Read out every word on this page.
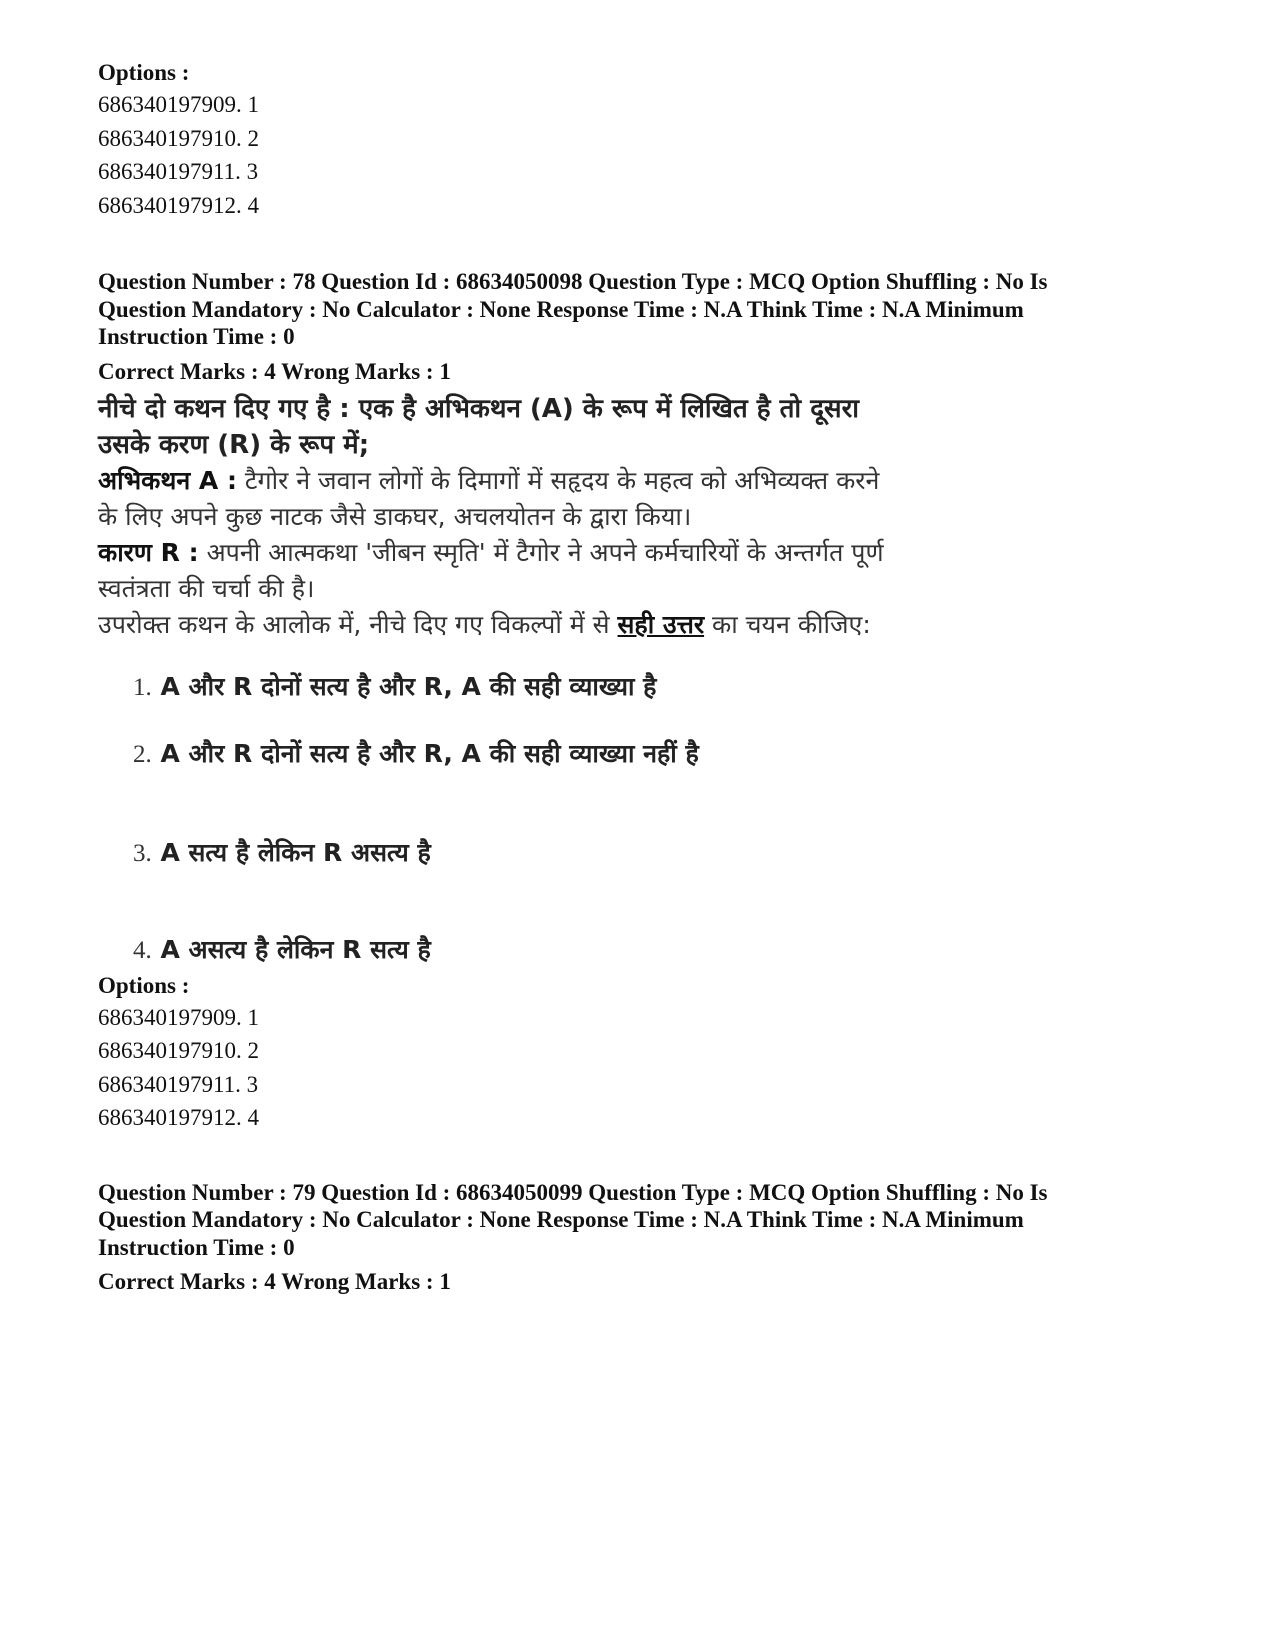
Options :
686340197909. 1
686340197910. 2
686340197911. 3
686340197912. 4
Question Number : 78 Question Id : 68634050098 Question Type : MCQ Option Shuffling : No Is
Question Mandatory : No Calculator : None Response Time : N.A Think Time : N.A Minimum
Instruction Time : 0
Correct Marks : 4 Wrong Marks : 1
नीचे दो कथन दिए गए है : एक है अभिकथन (A) के रूप में लिखित है तो दूसरा
उसके करण (R) के रूप में;
अभिकथन A : टैगोर ने जवान लोगों के दिमागों में सहृदय के महत्व को अभिव्यक्त करने
के लिए अपने कुछ नाटक जैसे डाकघर, अचलयोतन के द्वारा किया।
कारण R : अपनी आत्मकथा 'जीबन स्मृति' में टैगोर ने अपने कर्मचारियों के अन्तर्गत पूर्ण
स्वतंत्रता की चर्चा की है।
उपरोक्त कथन के आलोक में, नीचे दिए गए विकल्पों में से सही उत्तर का चयन कीजिए:
1. A और R दोनों सत्य है और R, A की सही व्याख्या है
2. A और R दोनों सत्य है और R, A की सही व्याख्या नहीं है
3. A सत्य है लेकिन R असत्य है
4. A असत्य है लेकिन R सत्य है
Options :
686340197909. 1
686340197910. 2
686340197911. 3
686340197912. 4
Question Number : 79 Question Id : 68634050099 Question Type : MCQ Option Shuffling : No Is
Question Mandatory : No Calculator : None Response Time : N.A Think Time : N.A Minimum
Instruction Time : 0
Correct Marks : 4 Wrong Marks : 1
